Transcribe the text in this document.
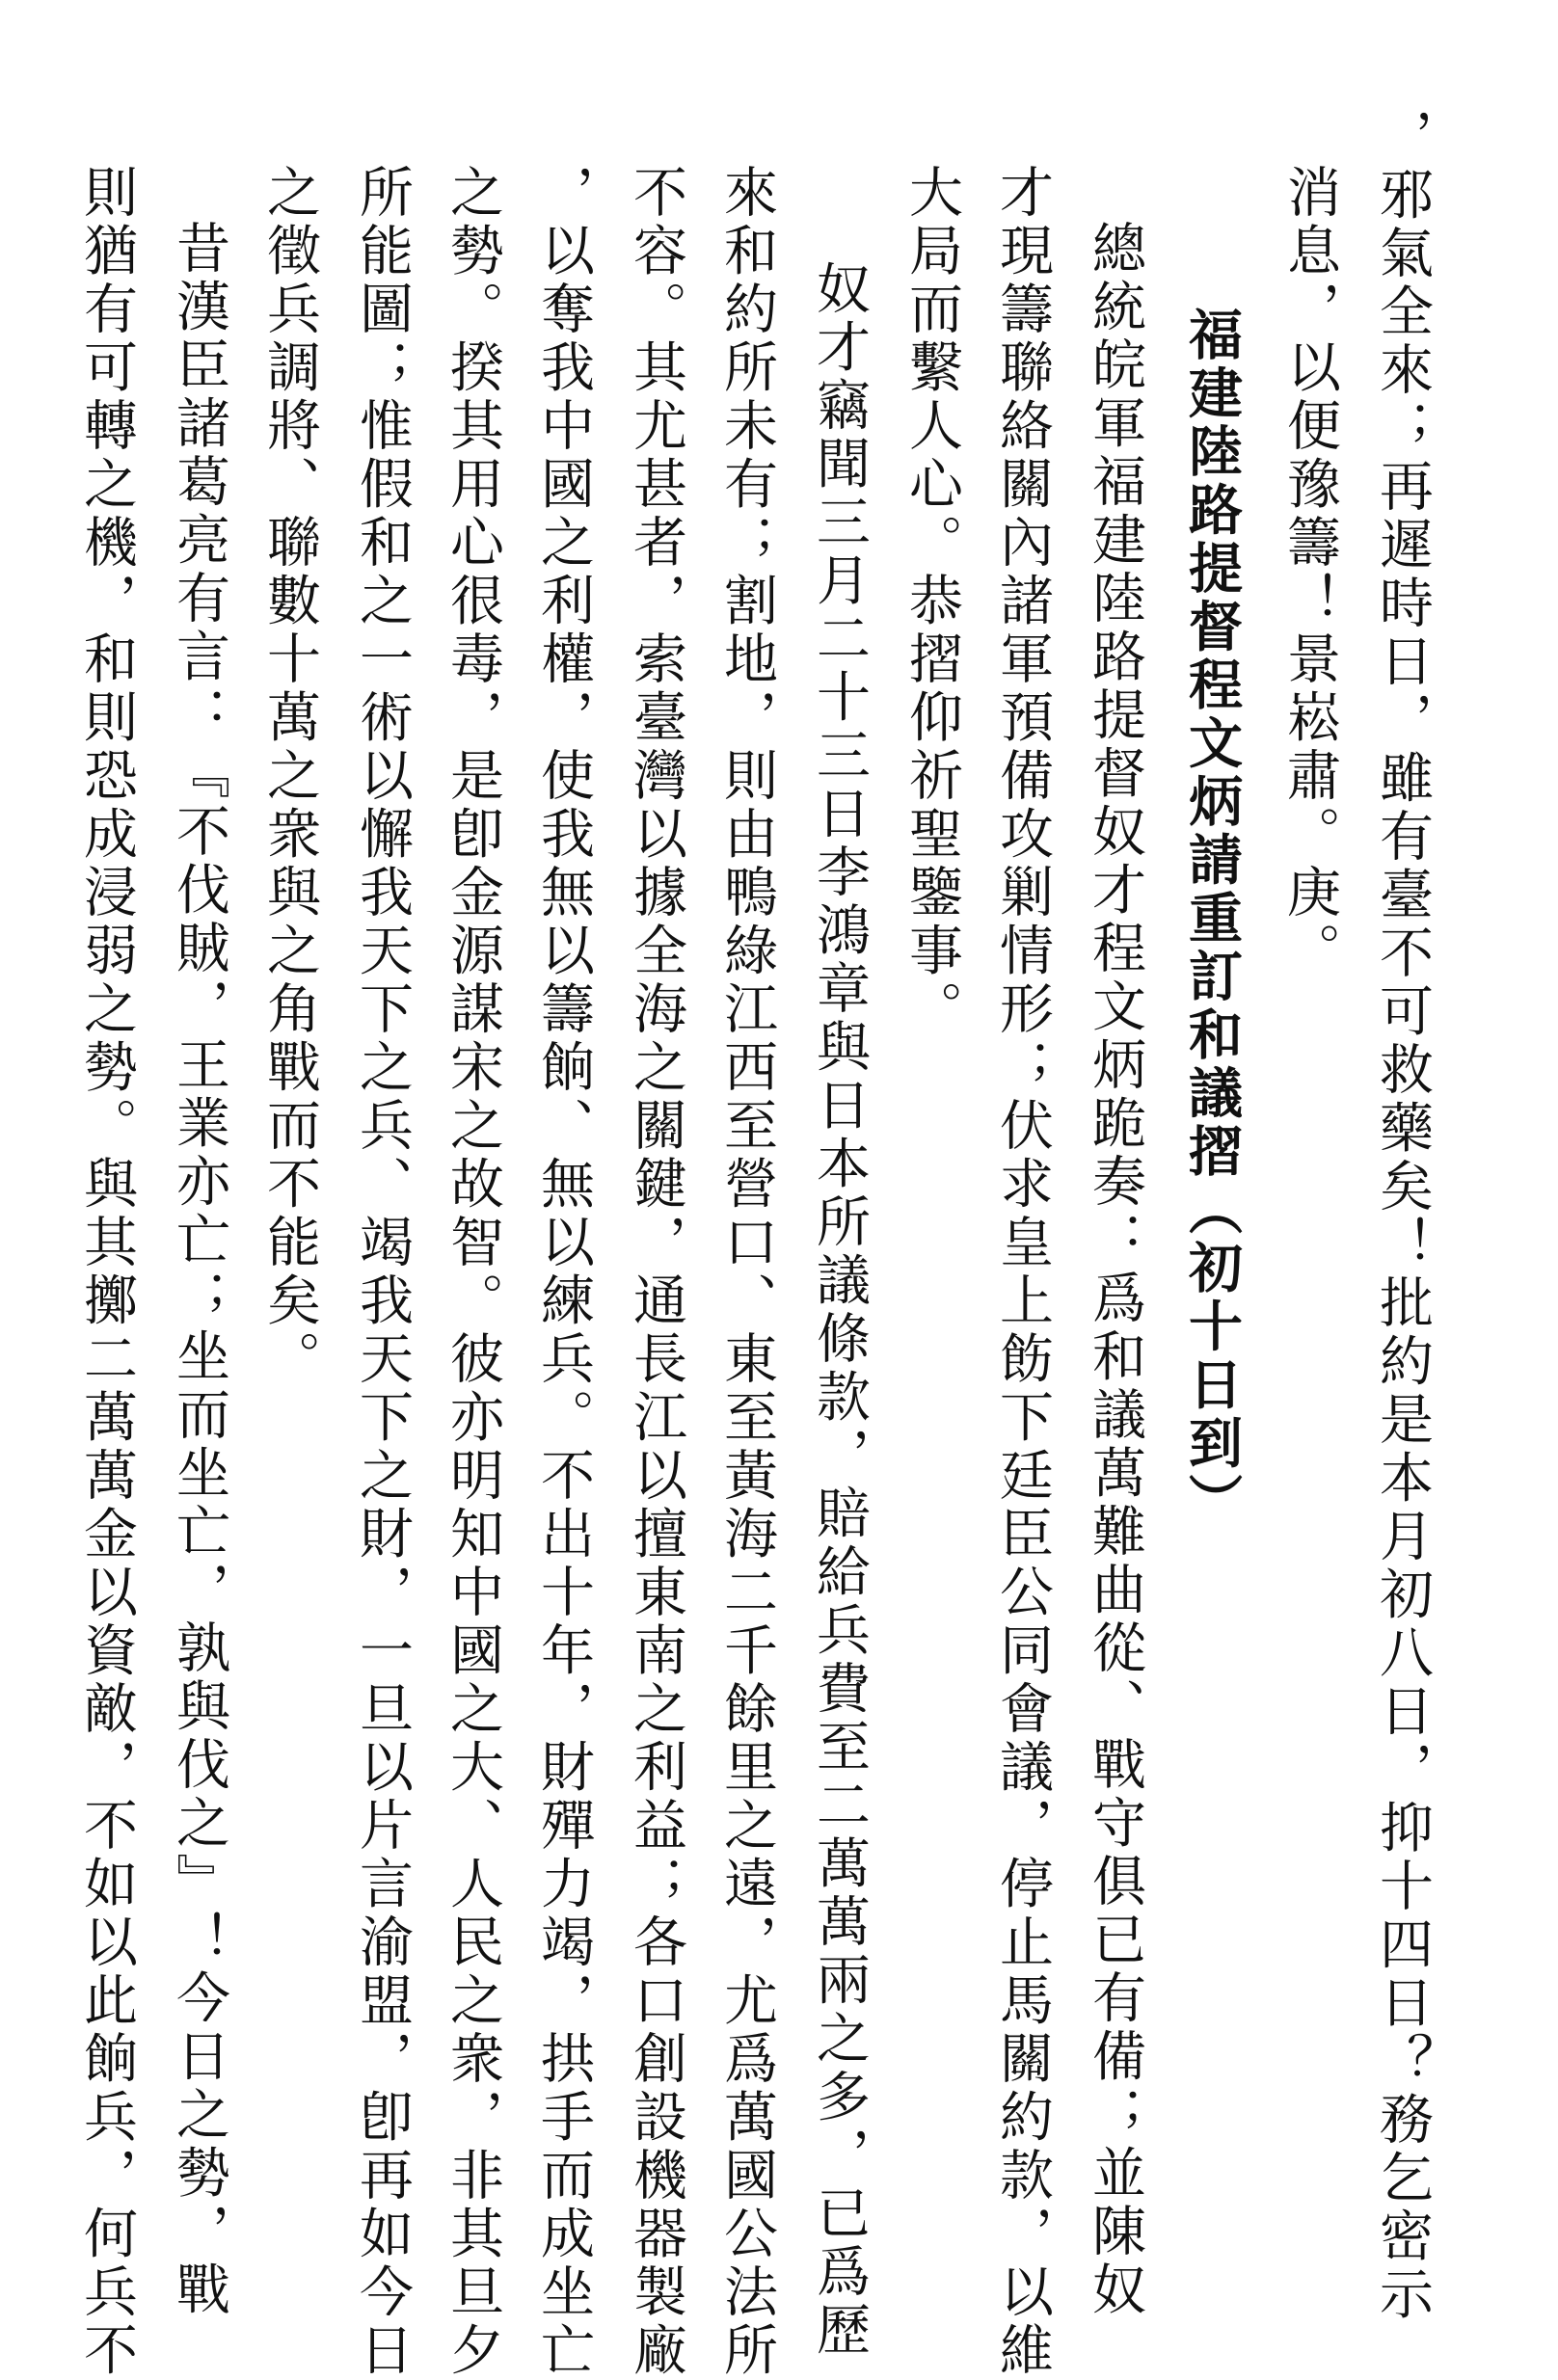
，邪氣全來；再遲時日，雖有臺不可救藥矣！批約是本月初八日，抑十四日？務乞密示
消息，以便豫籌！景崧肅。庚。
福建陸路提督程文炳請重訂和議摺（初十日到）
總統皖軍福建陸路提督奴才程文炳跪奏：爲和議萬難曲從、戰守俱已有備；並陳奴
才現籌聯絡關內諸軍預備攻剿情形；伏求皇上飭下廷臣公同會議，停止馬關約款，以維
大局而繫人心。恭摺仰祈聖鑒事。
奴才竊聞三月二十三日李鴻章與日本所議條款，賠給兵費至二萬萬兩之多，已爲歷
來和約所未有；割地，則由鴨綠江西至營口、東至黃海二千餘里之遠，尤爲萬國公法所
不容。其尤甚者，索臺灣以據全海之關鍵，通長江以擅東南之利益；各口創設機器製廠
，以奪我中國之利權，使我無以籌餉、無以練兵。不出十年，財殫力竭，拱手而成坐亡
之勢。揆其用心很毒，是卽金源謀宋之故智。彼亦明知中國之大、人民之衆，非其旦夕
所能圖；惟假和之一術以懈我天下之兵、竭我天下之財，一旦以片言渝盟，卽再如今日
之徵兵調將、聯數十萬之衆與之角戰而不能矣。
昔漢臣諸葛亮有言：『不伐賊，王業亦亡；坐而坐亡，孰與伐之』！今日之勢，戰
則猶有可轉之機，和則恐成浸弱之勢。與其擲二萬萬金以資敵，不如以此餉兵，何兵不
